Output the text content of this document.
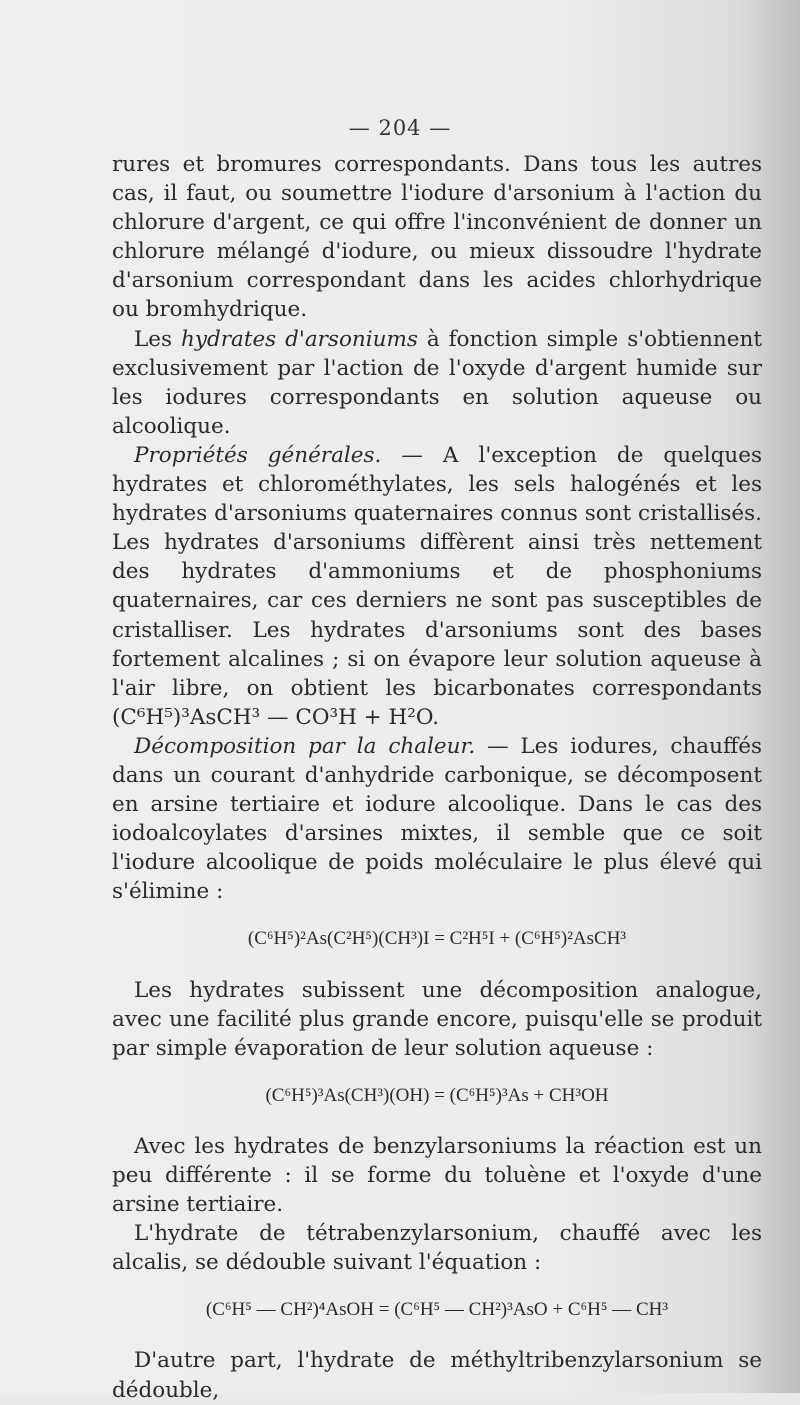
— 204 —

rures et bromures correspondants. Dans tous les autres cas, il faut, ou soumettre l'iodure d'arsonium à l'action du chlorure d'argent, ce qui offre l'inconvénient de donner un chlorure mélangé d'iodure, ou mieux dissoudre l'hydrate d'arsonium correspondant dans les acides chlorhydrique ou bromhydrique.

Les hydrates d'arsoniums à fonction simple s'obtiennent exclusivement par l'action de l'oxyde d'argent humide sur les iodures correspondants en solution aqueuse ou alcoolique.

Propriétés générales. — A l'exception de quelques hydrates et chlorométhylates, les sels halogénés et les hydrates d'arsoniums quaternaires connus sont cristallisés. Les hydrates d'arsoniums diffèrent ainsi très nettement des hydrates d'ammoniums et de phosphoniums quaternaires, car ces derniers ne sont pas susceptibles de cristalliser. Les hydrates d'arsoniums sont des bases fortement alcalines ; si on évapore leur solution aqueuse à l'air libre, on obtient les bicarbonates correspondants (C⁶H⁵)³AsCH³ — CO³H + H²O.

Décomposition par la chaleur. — Les iodures, chauffés dans un courant d'anhydride carbonique, se décomposent en arsine tertiaire et iodure alcoolique. Dans le cas des iodoalcoylates d'arsines mixtes, il semble que ce soit l'iodure alcoolique de poids moléculaire le plus élevé qui s'élimine :

(C⁶H⁵)²As(C²H⁵)(CH³)I = C²H⁵I + (C⁶H⁵)²AsCH³

Les hydrates subissent une décomposition analogue, avec une facilité plus grande encore, puisqu'elle se produit par simple évaporation de leur solution aqueuse :

(C⁶H⁵)³As(CH³)(OH) = (C⁶H⁵)³As + CH³OH

Avec les hydrates de benzylarsoniums la réaction est un peu différente : il se forme du toluène et l'oxyde d'une arsine tertiaire.

L'hydrate de tétrabenzylarsonium, chauffé avec les alcalis, se dédouble suivant l'équation :

(C⁶H⁵ — CH²)⁴AsOH = (C⁶H⁵ — CH²)³AsO + C⁶H⁵ — CH³

D'autre part, l'hydrate de méthyltribenzylarsonium se dédouble,
